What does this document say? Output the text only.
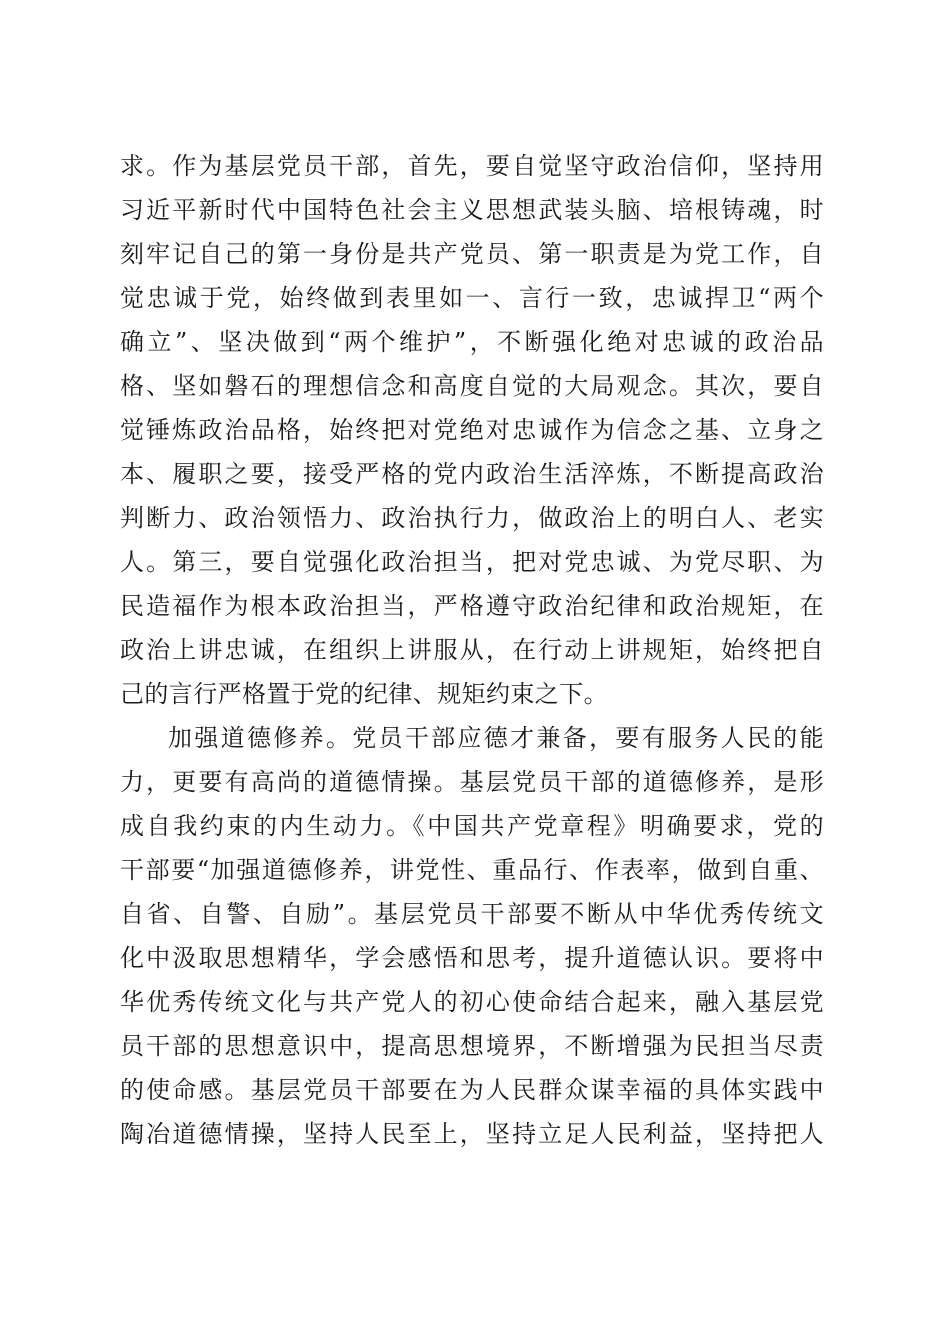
求。作为基层党员干部，首先，要自觉坚守政治信仰，坚持用
习近平新时代中国特色社会主义思想武装头脑、培根铸魂，时
刻牢记自己的第一身份是共产党员、第一职责是为党工作，自
觉忠诚于党，始终做到表里如一、言行一致，忠诚捍卫“两个
确立”、坚决做到“两个维护”，不断强化绝对忠诚的政治品
格、坚如磐石的理想信念和高度自觉的大局观念。其次，要自
觉锤炼政治品格，始终把对党绝对忠诚作为信念之基、立身之
本、履职之要，接受严格的党内政治生活淬炼，不断提高政治
判断力、政治领悟力、政治执行力，做政治上的明白人、老实
人。第三，要自觉强化政治担当，把对党忠诚、为党尽职、为
民造福作为根本政治担当，严格遵守政治纪律和政治规矩，在
政治上讲忠诚，在组织上讲服从，在行动上讲规矩，始终把自
己的言行严格置于党的纪律、规矩约束之下。
加强道德修养。党员干部应德才兼备，要有服务人民的能
力，更要有高尚的道德情操。基层党员干部的道德修养，是形
成自我约束的内生动力。《中国共产党章程》明确要求，党的
干部要“加强道德修养，讲党性、重品行、作表率，做到自重、
自省、自警、自励”。基层党员干部要不断从中华优秀传统文
化中汲取思想精华，学会感悟和思考，提升道德认识。要将中
华优秀传统文化与共产党人的初心使命结合起来，融入基层党
员干部的思想意识中，提高思想境界，不断增强为民担当尽责
的使命感。基层党员干部要在为人民群众谋幸福的具体实践中
陶冶道德情操，坚持人民至上，坚持立足人民利益，坚持把人
